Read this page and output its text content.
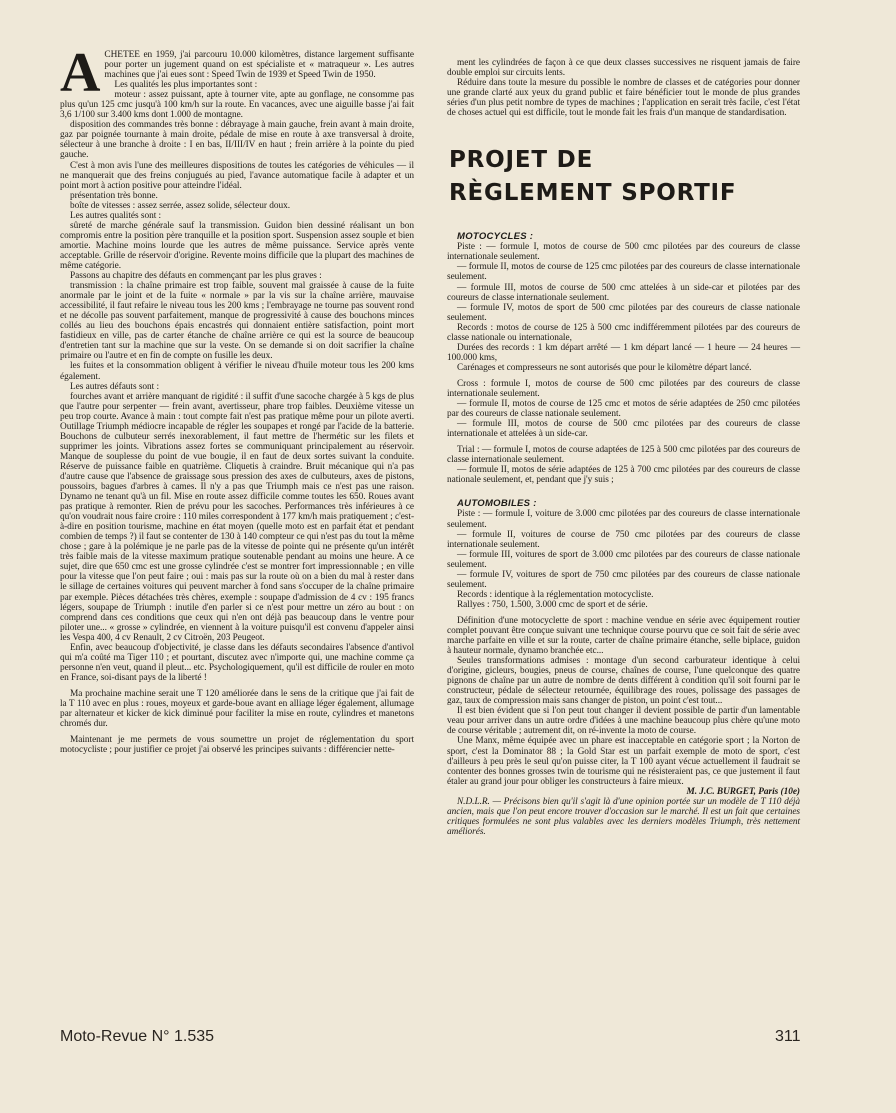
A CHETEE en 1959, j'ai parcouru 10.000 kilomètres, distance largement suffisante pour porter un jugement quand on est spécialiste et « matraqueur ». Les autres machines que j'ai eues sont : Speed Twin de 1939 et Speed Twin de 1950.

Les qualités les plus importantes sont :

moteur : assez puissant, apte à tourner vite, apte au gonflage, ne consomme pas plus qu'un 125 cmc jusqu'à 100 km/h sur la route. En vacances, avec une aiguille basse j'ai fait 3,6 1/100 sur 3.400 kms dont 1.000 de montagne.

disposition des commandes très bonne : débrayage à main gauche, frein avant à main droite, gaz par poignée tournante à main droite, pédale de mise en route à axe transversal à droite, sélecteur à une branche à droite : I en bas, II/III/IV en haut ; frein arrière à la pointe du pied gauche.

C'est à mon avis l'une des meilleures dispositions de toutes les catégories de véhicules — il ne manquerait que des freins conjugués au pied, l'avance automatique facile à adapter et un point mort à action positive pour atteindre l'idéal.

présentation très bonne.

boîte de vitesses : assez serrée, assez solide, sélecteur doux.

Les autres qualités sont :

sûreté de marche générale sauf la transmission. Guidon bien dessiné réalisant un bon compromis entre la position père tranquille et la position sport. Suspension assez souple et bien amortie. Machine moins lourde que les autres de même puissance. Service après vente acceptable. Grille de réservoir d'origine. Revente moins difficile que la plupart des machines de même catégorie.

Passons au chapitre des défauts en commençant par les plus graves :

transmission : la chaîne primaire est trop faible, souvent mal graissée à cause de la fuite anormale par le joint et de la fuite « normale » par la vis sur la chaîne arrière, mauvaise accessibilité, il faut refaire le niveau tous les 200 kms ; l'embrayage ne tourne pas souvent rond et ne décolle pas souvent parfaitement, manque de progressivité à cause des bouchons minces collés au lieu des bouchons épais encastrés qui donnaient entière satisfaction, point mort fastidieux en ville, pas de carter étanche de chaîne arrière ce qui est la source de beaucoup d'entretien tant sur la machine que sur la veste. On se demande si on doit sacrifier la chaîne primaire ou l'autre et en fin de compte on fusille les deux.

les fuites et la consommation obligent à vérifier le niveau d'huile moteur tous les 200 kms également.

Les autres défauts sont :

fourches avant et arrière manquant de rigidité : il suffit d'une sacoche chargée à 5 kgs de plus que l'autre pour serpenter — frein avant, avertisseur, phare trop faibles. Deuxième vitesse un peu trop courte. Avance à main : tout compte fait n'est pas pratique même pour un pilote averti. Outillage Triumph médiocre incapable de régler les soupapes et rongé par l'acide de la batterie. Bouchons de culbuteur serrés inexorablement, il faut mettre de l'hermétic sur les filets et supprimer les joints. Vibrations assez fortes se communiquant principalement au réservoir. Manque de souplesse du point de vue bougie, il en faut de deux sortes suivant la conduite. Réserve de puissance faible en quatrième. Cliquetis à craindre. Bruit mécanique qui n'a pas d'autre cause que l'absence de graissage sous pression des axes de culbuteurs, axes de pistons, poussoirs, bagues d'arbres à cames. Il n'y a pas que Triumph mais ce n'est pas une raison. Dynamo ne tenant qu'à un fil. Mise en route assez difficile comme toutes les 650. Roues avant pas pratique à remonter. Rien de prévu pour les sacoches. Performances très inférieures à ce qu'on voudrait nous faire croire : 110 miles correspondent à 177 km/h mais pratiquement ; c'est-à-dire en position tourisme, machine en état moyen (quelle moto est en parfait état et pendant combien de temps ?) il faut se contenter de 130 à 140 compteur ce qui n'est pas du tout la même chose ; gare à la polémique je ne parle pas de la vitesse de pointe qui ne présente qu'un intérêt très faible mais de la vitesse maximum pratique soutenable pendant au moins une heure. A ce sujet, dire que 650 cmc est une grosse cylindrée c'est se montrer fort impressionnable ; en ville pour la vitesse que l'on peut faire ; oui : mais pas sur la route où on a bien du mal à rester dans le sillage de certaines voitures qui peuvent marcher à fond sans s'occuper de la chaîne primaire par exemple. Pièces détachées très chères, exemple : soupape d'admission de 4 cv : 195 francs légers, soupape de Triumph : inutile d'en parler si ce n'est pour mettre un zéro au bout : on comprend dans ces conditions que ceux qui n'en ont déjà pas beaucoup dans le ventre pour piloter une... « grosse » cylindrée, en viennent à la voiture puisqu'il est convenu d'appeler ainsi les Vespa 400, 4 cv Renault, 2 cv Citroën, 203 Peugeot.

Enfin, avec beaucoup d'objectivité, je classe dans les défauts secondaires l'absence d'antivol qui m'a coûté ma Tiger 110 ; et pourtant, discutez avec n'importe qui, une machine comme ça personne n'en veut, quand il pleut... etc. Psychologiquement, qu'il est difficile de rouler en moto en France, soi-disant pays de la liberté !

Ma prochaine machine serait une T 120 améliorée dans le sens de la critique que j'ai fait de la T 110 avec en plus : roues, moyeux et garde-boue avant en alliage léger également, allumage par alternateur et kicker de kick diminué pour faciliter la mise en route, cylindres et manetons chromés dur.

Maintenant je me permets de vous soumettre un projet de réglementation du sport motocycliste ; pour justifier ce projet j'ai observé les principes suivants : différencier nette-

ment les cylindrées de façon à ce que deux classes successives ne risquent jamais de faire double emploi sur circuits lents.

Réduire dans toute la mesure du possible le nombre de classes et de catégories pour donner une grande clarté aux yeux du grand public et faire bénéficier tout le monde de plus grandes séries d'un plus petit nombre de types de machines ; l'application en serait très facile, c'est l'état de choses actuel qui est difficile, tout le monde fait les frais d'un manque de standardisation.

PROJET DE
RÈGLEMENT SPORTIF

MOTOCYCLES :

Piste : — formule I, motos de course de 500 cmc pilotées par des coureurs de classe internationale seulement.

— formule II, motos de course de 125 cmc pilotées par des coureurs de classe internationale seulement.

— formule III, motos de course de 500 cmc attelées à un side-car et pilotées par des coureurs de classe internationale seulement.

— formule IV, motos de sport de 500 cmc pilotées par des coureurs de classe nationale seulement.

Records : motos de course de 125 à 500 cmc indifféremment pilotées par des coureurs de classe nationale ou internationale,

Durées des records : 1 km départ arrêté — 1 km départ lancé — 1 heure — 24 heures — 100.000 kms,

Carénages et compresseurs ne sont autorisés que pour le kilomètre départ lancé.

Cross : formule I, motos de course de 500 cmc pilotées par des coureurs de classe internationale seulement.

— formule II, motos de course de 125 cmc et motos de série adaptées de 250 cmc pilotées par des coureurs de classe nationale seulement.

— formule III, motos de course de 500 cmc pilotées par des coureurs de classe internationale et attelées à un side-car.

Trial : — formule I, motos de course adaptées de 125 à 500 cmc pilotées par des coureurs de classe internationale seulement.

— formule II, motos de série adaptées de 125 à 700 cmc pilotées par des coureurs de classe nationale seulement, et, pendant que j'y suis ;

AUTOMOBILES :

Piste : — formule I, voiture de 3.000 cmc pilotées par des coureurs de classe internationale seulement.

— formule II, voitures de course de 750 cmc pilotées par des coureurs de classe internationale seulement.

— formule III, voitures de sport de 3.000 cmc pilotées par des coureurs de classe nationale seulement.

— formule IV, voitures de sport de 750 cmc pilotées par des coureurs de classe nationale seulement.

Records : identique à la réglementation motocycliste.

Rallyes : 750, 1.500, 3.000 cmc de sport et de série.

Définition d'une motocyclette de sport : machine vendue en série avec équipement routier complet pouvant être conçue suivant une technique course pourvu que ce soit fait de série avec marche parfaite en ville et sur la route, carter de chaîne primaire étanche, selle biplace, guidon à hauteur normale, dynamo branchée etc...

Seules transformations admises : montage d'un second carburateur identique à celui d'origine, gicleurs, bougies, pneus de course, chaînes de course, l'une quelconque des quatre pignons de chaîne par un autre de nombre de dents différent à condition qu'il soit fourni par le constructeur, pédale de sélecteur retournée, équilibrage des roues, polissage des passages de gaz, taux de compression mais sans changer de piston, un point c'est tout...

Il est bien évident que si l'on peut tout changer il devient possible de partir d'un lamentable veau pour arriver dans un autre ordre d'idées à une machine beaucoup plus chère qu'une moto de course véritable ; autrement dit, on ré-invente la moto de course.

Une Manx, même équipée avec un phare est inacceptable en catégorie sport ; la Norton de sport, c'est la Dominator 88 ; la Gold Star est un parfait exemple de moto de sport, c'est d'ailleurs à peu près le seul qu'on puisse citer, la T 100 ayant vécue actuellement il faudrait se contenter des bonnes grosses twin de tourisme qui ne résisteraient pas, ce que justement il faut étaler au grand jour pour obliger les constructeurs à faire mieux.

M. J.C. BURGET, Paris (10e)

N.D.L.R. — Précisons bien qu'il s'agit là d'une opinion portée sur un modèle de T 110 déjà ancien, mais que l'on peut encore trouver d'occasion sur le marché. Il est un fait que certaines critiques formulées ne sont plus valables avec les derniers modèles Triumph, très nettement améliorés.

Moto-Revue N° 1.535	311
